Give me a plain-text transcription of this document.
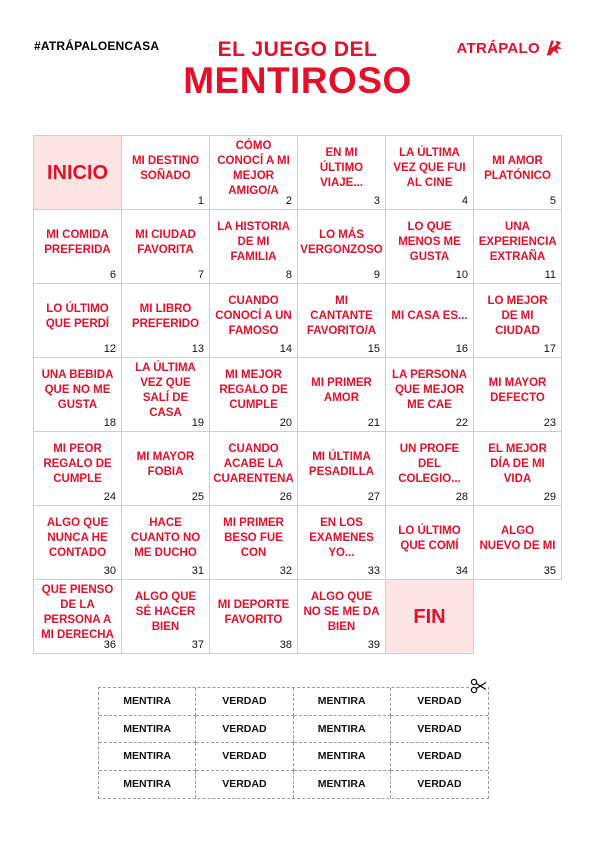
#ATRÁPALOENCASA	EL JUEGO DEL
MENTIROSO
ATRÁPALO
INICIO
MI DESTINO SOÑADO
1
CÓMO CONOCÍ A MI MEJOR AMIGO/A
2
EN MI ÚLTIMO VIAJE...
3
LA ÚLTIMA VEZ QUE FUI AL CINE
4
MI AMOR PLATÓNICO
5
MI COMIDA PREFERIDA
6
MI CIUDAD FAVORITA
7
LA HISTORIA DE MI FAMILIA
8
LO MÁS VERGONZOSO
9
LO QUE MENOS ME GUSTA
10
UNA EXPERIENCIA EXTRAÑA
11
LO ÚLTIMO QUE PERDÍ
12
MI LIBRO PREFERIDO
13
CUANDO CONOCÍ A UN FAMOSO
14
MI CANTANTE FAVORITO/A
15
MI CASA ES...
16
LO MEJOR DE MI CIUDAD
17
UNA BEBIDA QUE NO ME GUSTA
18
LA ÚLTIMA VEZ QUE SALÍ DE CASA
19
MI MEJOR REGALO DE CUMPLE
20
MI PRIMER AMOR
21
LA PERSONA QUE MEJOR ME CAE
22
MI MAYOR DEFECTO
23
MI PEOR REGALO DE CUMPLE
24
MI MAYOR FOBIA
25
CUANDO ACABE LA CUARENTENA
26
MI ÚLTIMA PESADILLA
27
UN PROFE DEL COLEGIO...
28
EL MEJOR DÍA DE MI VIDA
29
ALGO QUE NUNCA HE CONTADO
30
HACE CUANTO NO ME DUCHO
31
MI PRIMER BESO FUE CON
32
EN LOS EXAMENES YO...
33
LO ÚLTIMO QUE COMÍ
34
ALGO NUEVO DE MI
35
QUE PIENSO DE LA PERSONA A MI DERECHA
36
ALGO QUE SÉ HACER BIEN
37
MI DEPORTE FAVORITO
38
ALGO QUE NO SE ME DA BIEN
39
FIN
MENTIRA	VERDAD	MENTIRA	VERDAD
MENTIRA	VERDAD	MENTIRA	VERDAD
MENTIRA	VERDAD	MENTIRA	VERDAD
MENTIRA	VERDAD	MENTIRA	VERDAD
